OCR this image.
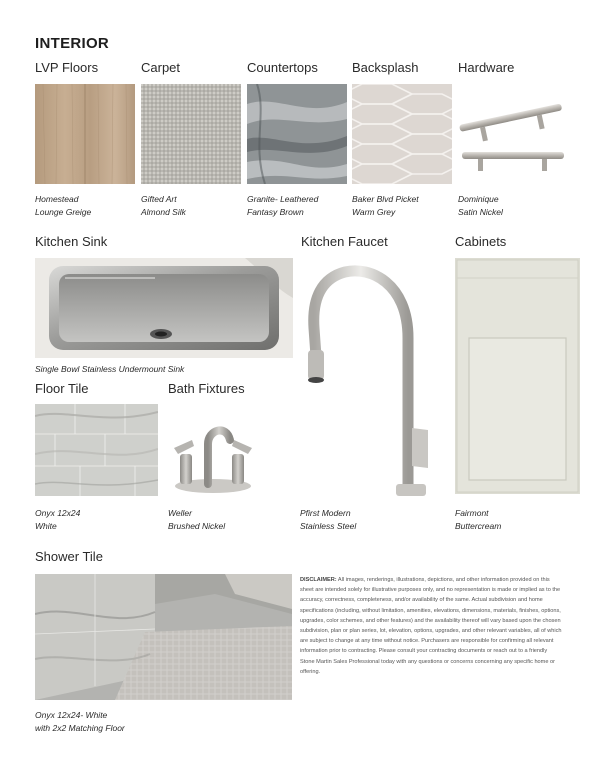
INTERIOR
LVP Floors	Carpet	Countertops	Backsplash	Hardware
Homestead
Lounge Greige
Gifted Art
Almond Silk
Granite- Leathered
Fantasy Brown
Baker Blvd Picket
Warm Grey
Dominique
Satin Nickel
Kitchen Sink	Kitchen Faucet	Cabinets
Single Bowl Stainless Undermount Sink
Floor Tile	Bath Fixtures
Onyx 12x24
White
Weller
Brushed Nickel
Pfirst Modern
Stainless Steel
Fairmont
Buttercream
Shower Tile
Onyx 12x24- White
with 2x2 Matching Floor
DISCLAIMER: All images, renderings, illustrations, depictions, and other information provided on this sheet are intended solely for illustrative purposes only, and no representation is made or implied as to the accuracy, correctness, completeness, and/or availability of the same. Actual subdivision and home specifications (including, without limitation, amenities, elevations, dimensions, materials, finishes, options, upgrades, color schemes, and other features) and the availability thereof will vary based upon the chosen subdivision, plan or plan series, lot, elevation, options, upgrades, and other relevant variables, all of which are subject to change at any time without notice. Purchasers are responsible for confirming all relevant information prior to contracting. Please consult your contracting documents or reach out to a friendly Stone Martin Sales Professional today with any questions or concerns concerning any specific home or offering.
